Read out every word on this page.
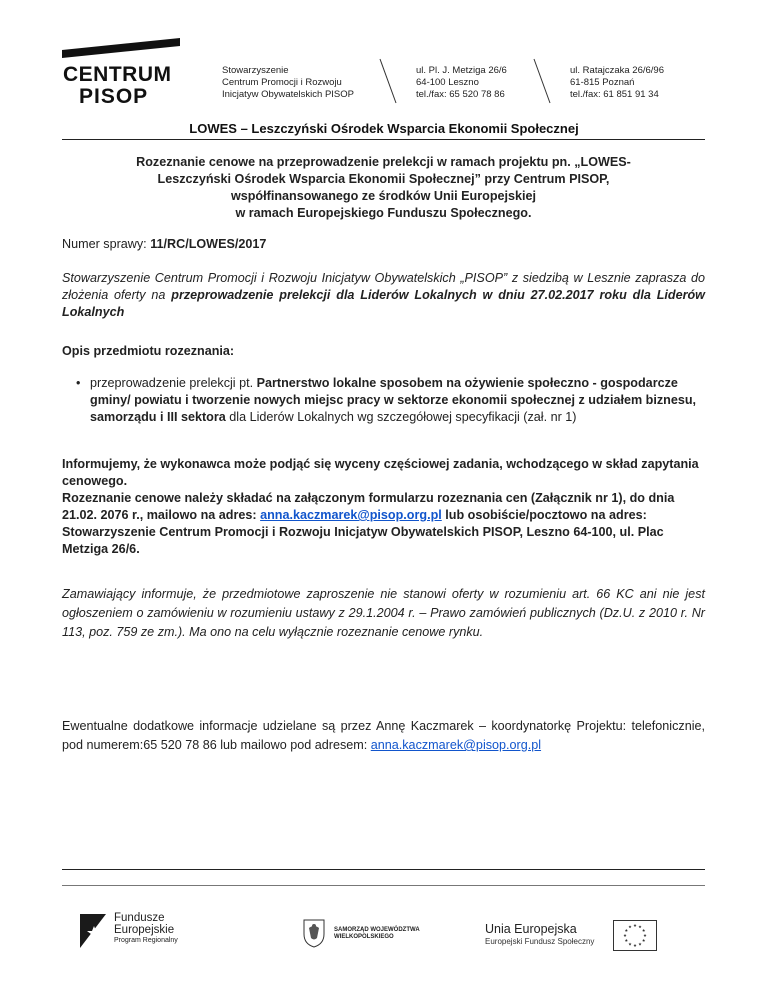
CENTRUM
PISOP
Stowarzyszenie
Centrum Promocji i Rozwoju
Inicjatyw Obywatelskich PISOP
ul. Pl. J. Metziga 26/6
64-100 Leszno
tel./fax: 65 520 78 86
ul. Ratajczaka 26/6/96
61-815 Poznań
tel./fax: 61 851 91 34
LOWES – Leszczyński Ośrodek Wsparcia Ekonomii Społecznej
Rozeznanie cenowe na przeprowadzenie prelekcji w ramach projektu pn. „LOWES-
Leszczyński Ośrodek Wsparcia Ekonomii Społecznej” przy Centrum PISOP,
współfinansowanego ze środków Unii Europejskiej
w ramach Europejskiego Funduszu Społecznego.
Numer sprawy: 11/RC/LOWES/2017
Stowarzyszenie Centrum Promocji i Rozwoju Inicjatyw Obywatelskich „PISOP” z siedzibą w Lesznie zaprasza do złożenia oferty na przeprowadzenie prelekcji dla Liderów Lokalnych w dniu 27.02.2017 roku dla Liderów Lokalnych
Opis przedmiotu rozeznania:
• przeprowadzenie prelekcji pt. Partnerstwo lokalne sposobem na ożywienie społeczno - gospodarcze gminy/ powiatu i tworzenie nowych miejsc pracy w sektorze ekonomii społecznej z udziałem biznesu, samorządu i III sektora dla Liderów Lokalnych wg szczegółowej specyfikacji (zał. nr 1)
Informujemy, że wykonawca może podjąć się wyceny częściowej zadania, wchodzącego w skład zapytania cenowego.
Rozeznanie cenowe należy składać na załączonym formularzu rozeznania cen (Załącznik nr 1), do dnia 21.02. 2076 r., mailowo na adres: anna.kaczmarek@pisop.org.pl lub osobiście/pocztowo na adres: Stowarzyszenie Centrum Promocji i Rozwoju Inicjatyw Obywatelskich PISOP, Leszno 64-100, ul. Plac Metziga 26/6.
Zamawiający informuje, że przedmiotowe zaproszenie nie stanowi oferty w rozumieniu art. 66 KC ani nie jest ogłoszeniem o zamówieniu w rozumieniu ustawy z 29.1.2004 r. – Prawo zamówień publicznych (Dz.U. z 2010 r. Nr 113, poz. 759 ze zm.). Ma ono na celu wyłącznie rozeznanie cenowe rynku.
Ewentualne dodatkowe informacje udzielane są przez Annę Kaczmarek – koordynatorkę Projektu: telefonicznie, pod numerem:65 520 78 86 lub mailowo pod adresem: anna.kaczmarek@pisop.org.pl
Fundusze
Europejskie
Program Regionalny
SAMORZĄD WOJEWÓDZTWA
WIELKOPOLSKIEGO
Unia Europejska
Europejski Fundusz Społeczny
